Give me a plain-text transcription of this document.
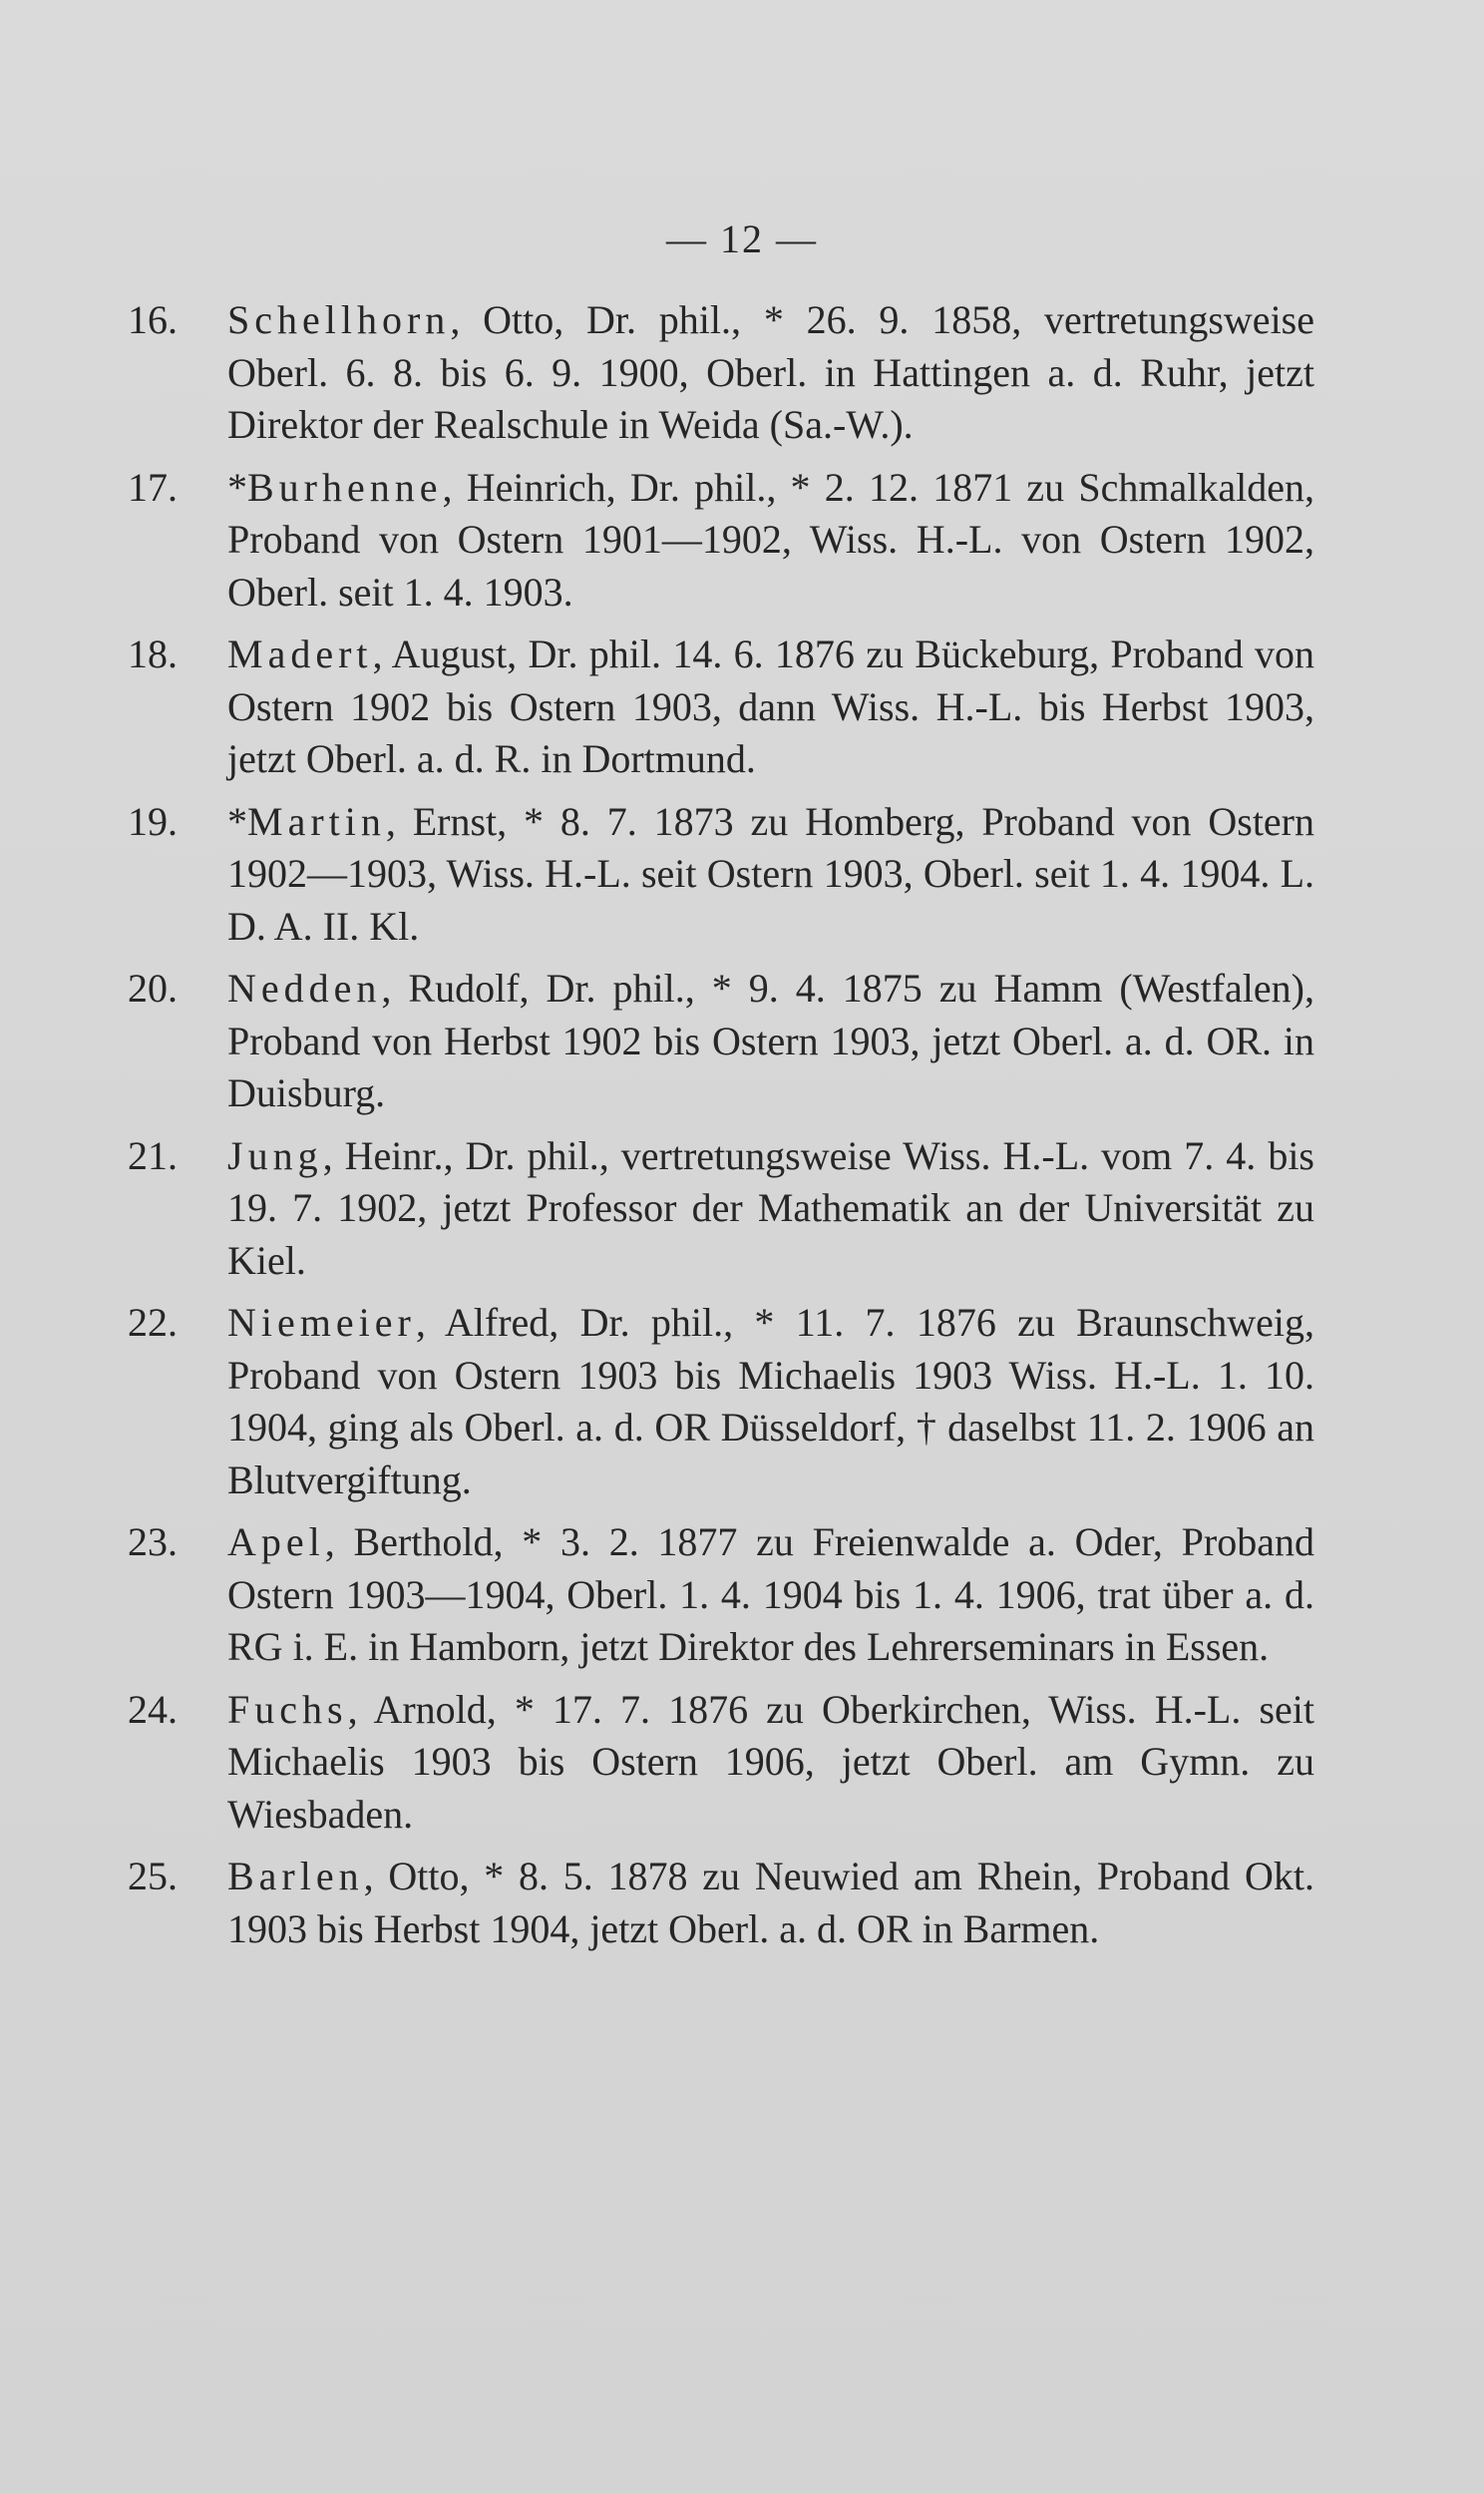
— 12 —
16. Schellhorn, Otto, Dr. phil., * 26. 9. 1858, vertretungsweise Oberl. 6. 8. bis 6. 9. 1900, Oberl. in Hattingen a. d. Ruhr, jetzt Direktor der Realschule in Weida (Sa.-W.).
17. *Burhenne, Heinrich, Dr. phil., * 2. 12. 1871 zu Schmalkalden, Proband von Ostern 1901—1902, Wiss. H.-L. von Ostern 1902, Oberl. seit 1. 4. 1903.
18. Madert, August, Dr. phil. 14. 6. 1876 zu Bückeburg, Proband von Ostern 1902 bis Ostern 1903, dann Wiss. H.-L. bis Herbst 1903, jetzt Oberl. a. d. R. in Dortmund.
19. *Martin, Ernst, * 8. 7. 1873 zu Homberg, Proband von Ostern 1902—1903, Wiss. H.-L. seit Ostern 1903, Oberl. seit 1. 4. 1904. L. D. A. II. Kl.
20. Nedden, Rudolf, Dr. phil., * 9. 4. 1875 zu Hamm (Westfalen), Proband von Herbst 1902 bis Ostern 1903, jetzt Oberl. a. d. OR. in Duisburg.
21. Jung, Heinr., Dr. phil., vertretungsweise Wiss. H.-L. vom 7. 4. bis 19. 7. 1902, jetzt Professor der Mathematik an der Universität zu Kiel.
22. Niemeier, Alfred, Dr. phil., * 11. 7. 1876 zu Braunschweig, Proband von Ostern 1903 bis Michaelis 1903 Wiss. H.-L. 1. 10. 1904, ging als Oberl. a. d. OR Düsseldorf, † daselbst 11. 2. 1906 an Blutvergiftung.
23. Apel, Berthold, * 3. 2. 1877 zu Freienwalde a. Oder, Proband Ostern 1903—1904, Oberl. 1. 4. 1904 bis 1. 4. 1906, trat über a. d. RG i. E. in Hamborn, jetzt Direktor des Lehrerseminars in Essen.
24. Fuchs, Arnold, * 17. 7. 1876 zu Oberkirchen, Wiss. H.-L. seit Michaelis 1903 bis Ostern 1906, jetzt Oberl. am Gymn. zu Wiesbaden.
25. Barlen, Otto, * 8. 5. 1878 zu Neuwied am Rhein, Proband Okt. 1903 bis Herbst 1904, jetzt Oberl. a. d. OR in Barmen.
